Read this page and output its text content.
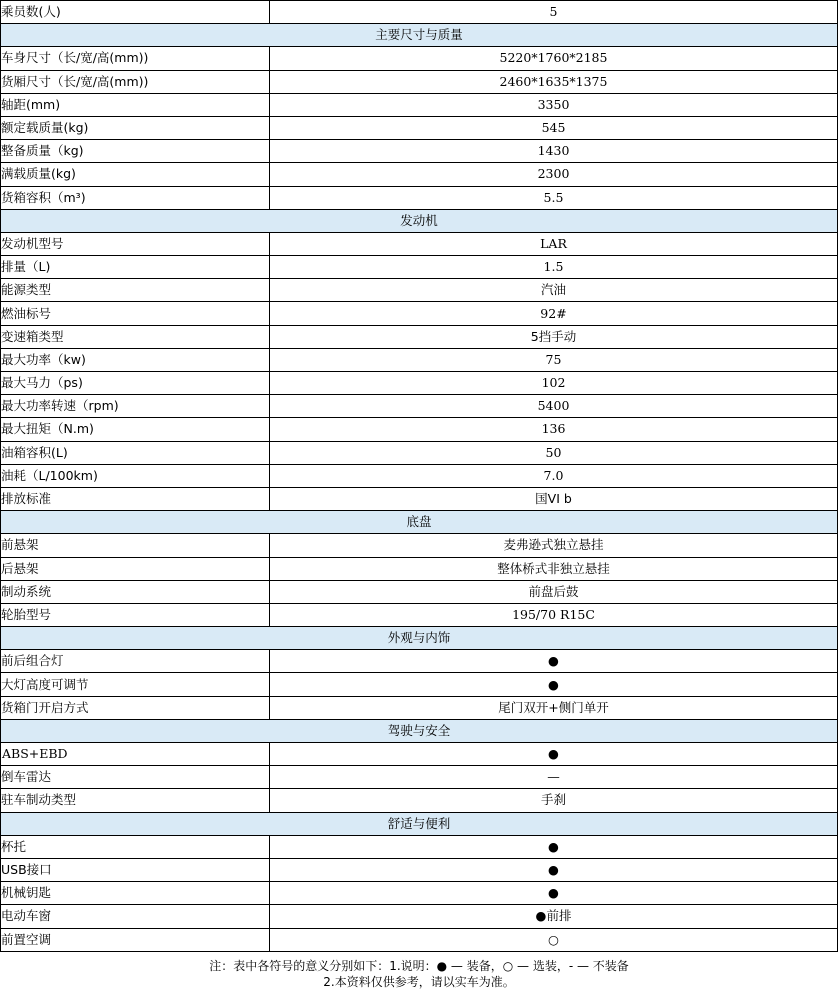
乘员数(人)	5
主要尺寸与质量	
车身尺寸（长/宽/高(mm))	5220*1760*2185
货厢尺寸（长/宽/高(mm))	2460*1635*1375
轴距(mm)	3350
额定载质量(kg)	545
整备质量（kg)	1430
满载质量(kg)	2300
货箱容积（m³)	5.5
发动机	
发动机型号	LAR
排量（L)	1.5
能源类型	汽油
燃油标号	92#
变速箱类型	5挡手动
最大功率（kw)	75
最大马力（ps)	102
最大功率转速（rpm)	5400
最大扭矩（N.m)	136
油箱容积(L)	50
油耗（L/100km)	7.0
排放标准	国VI b
底盘	
前悬架	麦弗逊式独立悬挂
后悬架	整体桥式非独立悬挂
制动系统	前盘后鼓
轮胎型号	195/70 R15C
外观与内饰	
前后组合灯	●
大灯高度可调节	●
货箱门开启方式	尾门双开+侧门单开
驾驶与安全	
ABS+EBD	●
倒车雷达	—
驻车制动类型	手刹
舒适与便利	
杯托	●
USB接口	●
机械钥匙	●
电动车窗	●前排
前置空调	○
注：表中各符号的意义分别如下：1.说明：● — 装备，○ — 选装，- — 不装备
2.本资料仅供参考，请以实车为准。
